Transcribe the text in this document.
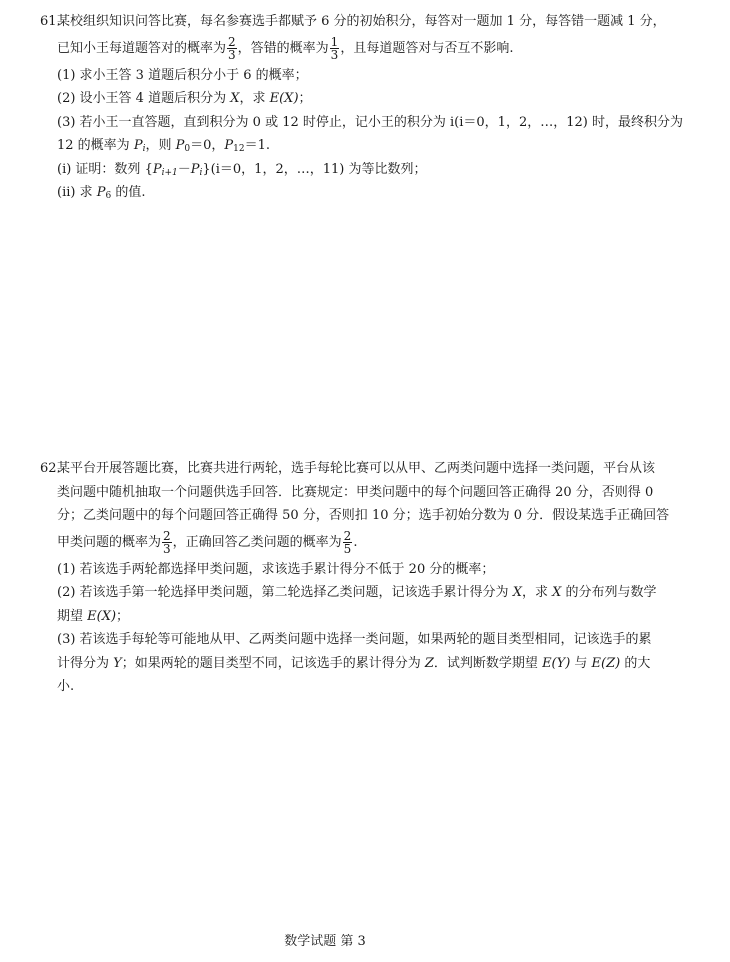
61.某校组织知识问答比赛，每名参赛选手都赋予 6 分的初始积分，每答对一题加 1 分，每答错一题减 1 分，
已知小王每道题答对的概率为 $\frac{2}{3}$ ，答错的概率为 $\frac{1}{3}$ ，且每道题答对与否互不影响.
(1) 求小王答 3 道题后积分小于 6 的概率；
(2) 设小王答 4 道题后积分为 X，求 E(X)；
(3) 若小王一直答题，直到积分为 0 或 12 时停止，记小王的积分为 i(i＝0，1，2，…，12) 时，最终积分为
12 的概率为 $P_i$，则 $P_0=0$，$P_{12}=1$.
(i) 证明：数列 $\{P_{i+1}-P_i\}(i=0$，1，2，…，11) 为等比数列；
(ii) 求 $P_6$ 的值.
62.某平台开展答题比赛，比赛共进行两轮，选手每轮比赛可以从甲、乙两类问题中选择一类问题，平台从该
类问题中随机抽取一个问题供选手回答．比赛规定：甲类问题中的每个问题回答正确得 20 分，否则得 0
分；乙类问题中的每个问题回答正确得 50 分，否则扣 10 分；选手初始分数为 0 分．假设某选手正确回答
甲类问题的概率为 $\frac{2}{3}$ ，正确回答乙类问题的概率为 $\frac{2}{5}$ .
(1) 若该选手两轮都选择甲类问题，求该选手累计得分不低于 20 分的概率；
(2) 若该选手第一轮选择甲类问题，第二轮选择乙类问题，记该选手累计得分为 X，求 X 的分布列与数学
期望 E(X)；
(3) 若该选手每轮等可能地从甲、乙两类问题中选择一类问题，如果两轮的题目类型相同，记该选手的累
计得分为 Y；如果两轮的题目类型不同，记该选手的累计得分为 Z．试判断数学期望 E(Y) 与 E(Z) 的大
小.
数学试题 第 3
